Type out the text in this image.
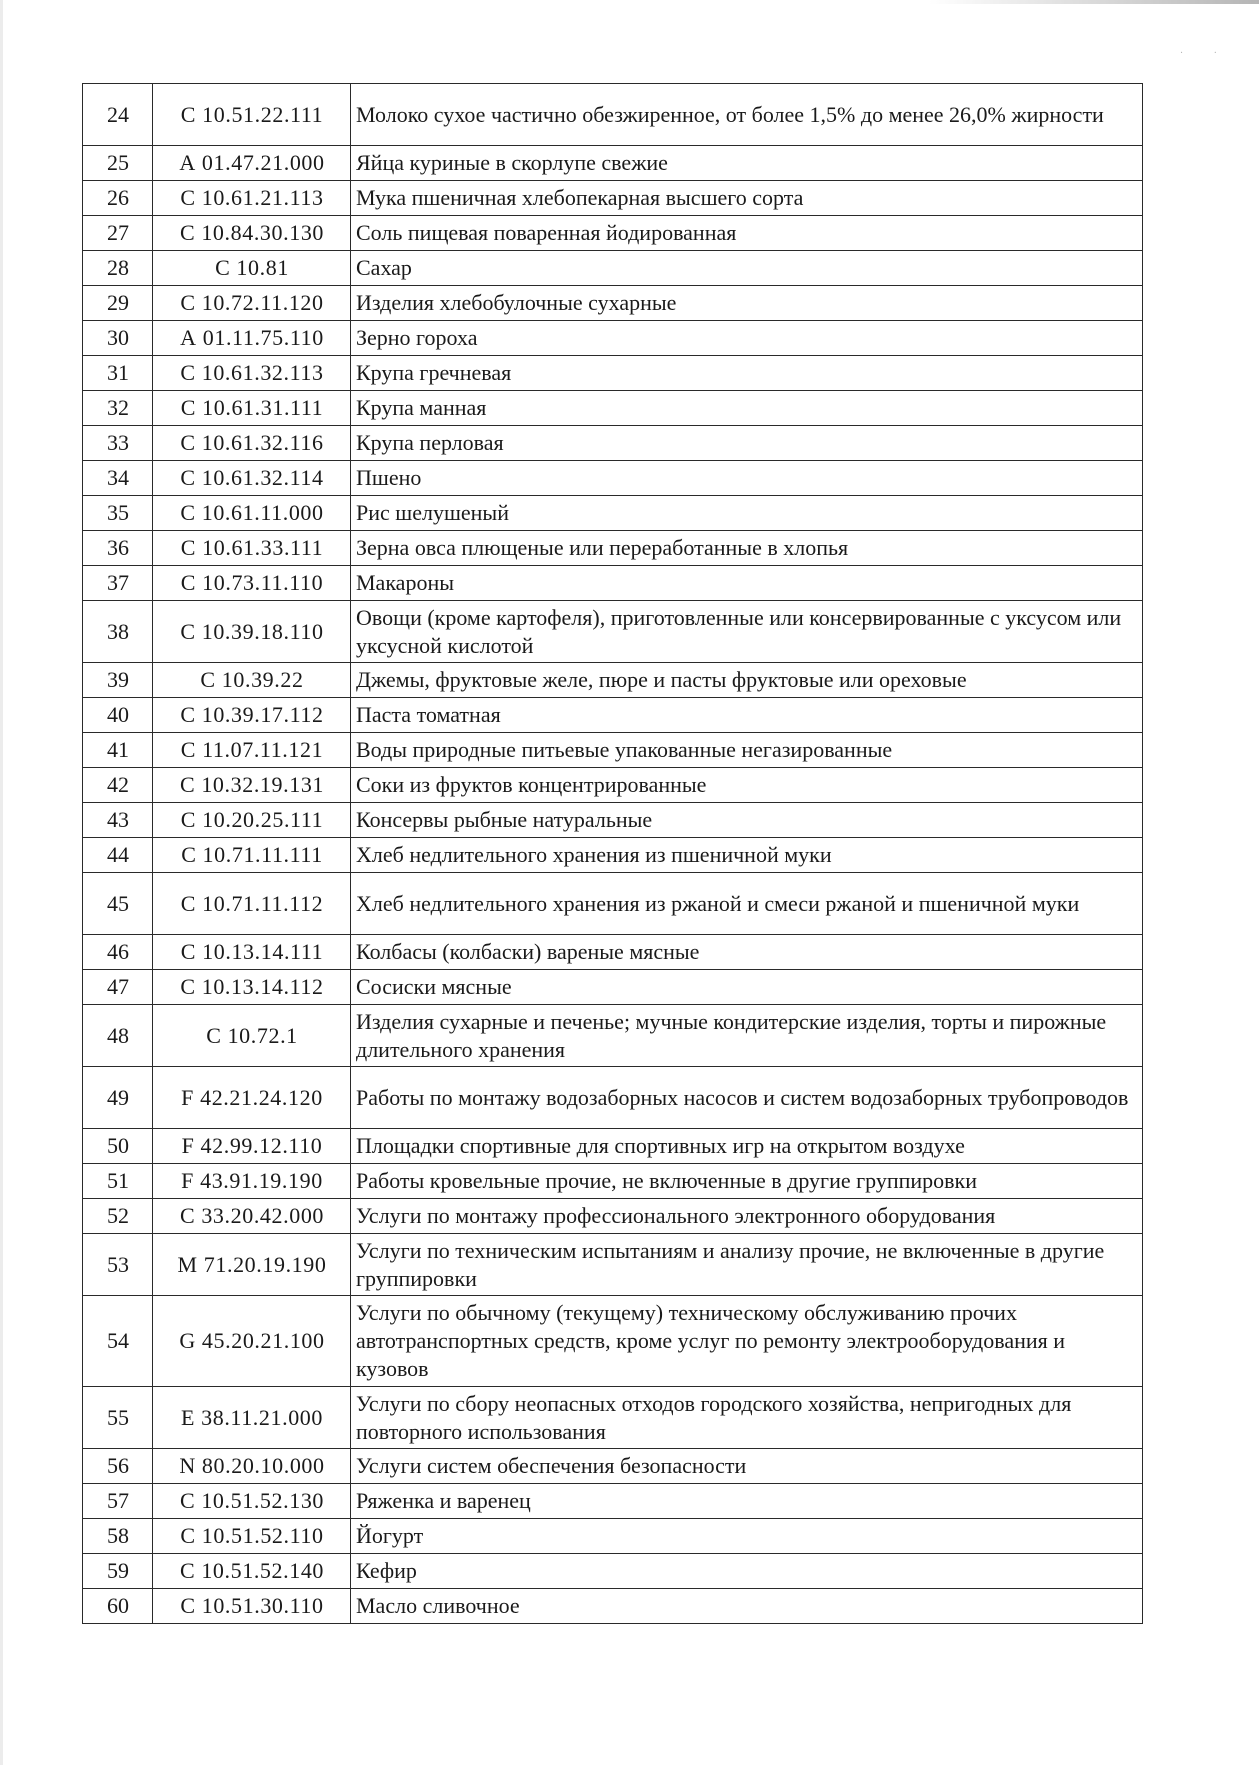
· ·
24	С 10.51.22.111	Молоко сухое частично обезжиренное, от более 1,5% до менее 26,0% жирности
25	А 01.47.21.000	Яйца куриные в скорлупе свежие
26	С 10.61.21.113	Мука пшеничная хлебопекарная высшего сорта
27	С 10.84.30.130	Соль пищевая поваренная йодированная
28	С 10.81	Сахар
29	С 10.72.11.120	Изделия хлебобулочные сухарные
30	А 01.11.75.110	Зерно гороха
31	С 10.61.32.113	Крупа гречневая
32	С 10.61.31.111	Крупа манная
33	С 10.61.32.116	Крупа перловая
34	С 10.61.32.114	Пшено
35	С 10.61.11.000	Рис шелушеный
36	С 10.61.33.111	Зерна овса плющеные или переработанные в хлопья
37	С 10.73.11.110	Макароны
38	С 10.39.18.110	Овощи (кроме картофеля), приготовленные или консервированные с уксусом или уксусной кислотой
39	С 10.39.22	Джемы, фруктовые желе, пюре и пасты фруктовые или ореховые
40	С 10.39.17.112	Паста томатная
41	С 11.07.11.121	Воды природные питьевые упакованные негазированные
42	С 10.32.19.131	Соки из фруктов концентрированные
43	С 10.20.25.111	Консервы рыбные натуральные
44	С 10.71.11.111	Хлеб недлительного хранения из пшеничной муки
45	С 10.71.11.112	Хлеб недлительного хранения из ржаной и смеси ржаной и пшеничной муки
46	С 10.13.14.111	Колбасы (колбаски) вареные мясные
47	С 10.13.14.112	Сосиски мясные
48	С 10.72.1	Изделия сухарные и печенье; мучные кондитерские изделия, торты и пирожные длительного хранения
49	F 42.21.24.120	Работы по монтажу водозаборных насосов и систем водозаборных трубопроводов
50	F 42.99.12.110	Площадки спортивные для спортивных игр на открытом воздухе
51	F 43.91.19.190	Работы кровельные прочие, не включенные в другие группировки
52	С 33.20.42.000	Услуги по монтажу профессионального электронного оборудования
53	М 71.20.19.190	Услуги по техническим испытаниям и анализу прочие, не включенные в другие группировки
54	G 45.20.21.100	Услуги по обычному (текущему) техническому обслуживанию прочих автотранспортных средств, кроме услуг по ремонту электрооборудования и кузовов
55	Е 38.11.21.000	Услуги по сбору неопасных отходов городского хозяйства, непригодных для повторного использования
56	N 80.20.10.000	Услуги систем обеспечения безопасности
57	С 10.51.52.130	Ряженка и варенец
58	С 10.51.52.110	Йогурт
59	С 10.51.52.140	Кефир
60	С 10.51.30.110	Масло сливочное
